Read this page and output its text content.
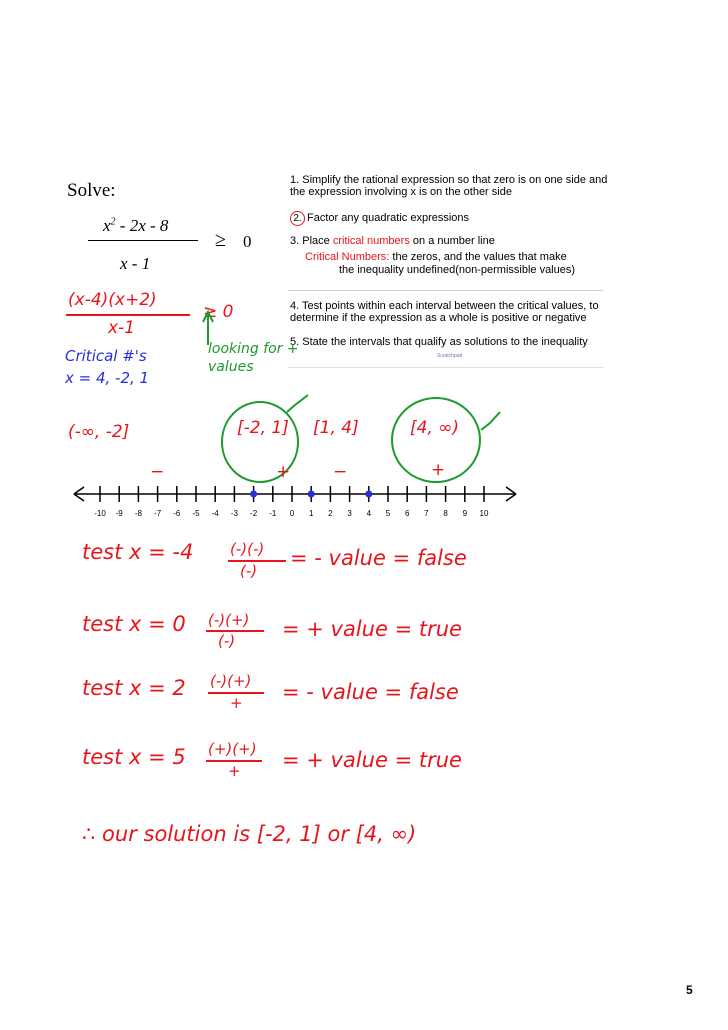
Solve:
$x^2 - 2x - 8$
≥ 0
x - 1
1. Simplify the rational expression so that zero is on one side and the expression involving x is on the other side
2. Factor any quadratic expressions
3. Place critical numbers on a number line
Critical Numbers: the zeros, and the values that make
the inequality undefined(non-permissible values)
4. Test points within each interval between the critical values, to determine if the expression as a whole is positive or negative
5. State the intervals that qualify as solutions to the inequality
Scratchpad
(x-4)(x+2)
x-1
≥ 0
looking for + values
Critical #'s
x = 4, -2, 1
(-∞, -2]	[-2, 1] [1, 4]	[4, ∞)
−	+	−	+
-10 -9 -8 -7 -6 -5 -4 -3 -2 -1 0 1 2 3 4 5 6 7 8 9 10
test x = -4 (-)(-)
(-)
= - value = false
test x = 0 (-)(+)
(-) = + value = true
test x = 2 (-)(+)
+ = - value = false
test x = 5 (+)(+)
+ = + value = true
∴ our solution is [-2, 1] or [4, ∞)
5
